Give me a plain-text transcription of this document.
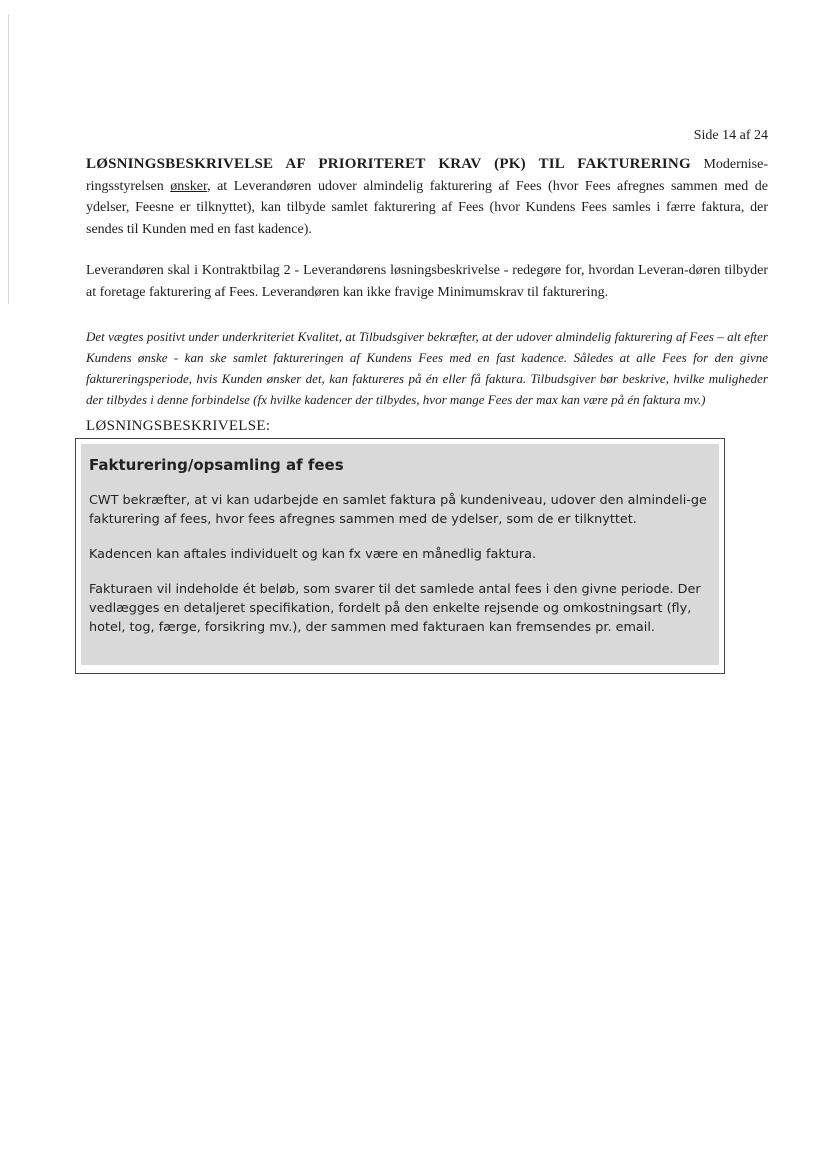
Side 14 af 24

LØSNINGSBESKRIVELSE AF PRIORITERET KRAV (PK) TIL FAKTURERING Modernise-ringsstyrelsen ønsker, at Leverandøren udover almindelig fakturering af Fees (hvor Fees afregnes sammen med de ydelser, Feesne er tilknyttet), kan tilbyde samlet fakturering af Fees (hvor Kundens Fees samles i færre faktura, der sendes til Kunden med en fast kadence).

Leverandøren skal i Kontraktbilag 2 - Leverandørens løsningsbeskrivelse - redegøre for, hvordan Leveran-døren tilbyder at foretage fakturering af Fees. Leverandøren kan ikke fravige Minimumskrav til fakturering.

Det vægtes positivt under underkriteriet Kvalitet, at Tilbudsgiver bekræfter, at der udover almindelig fakturering af Fees – alt efter Kundens ønske - kan ske samlet faktureringen af Kundens Fees med en fast kadence. Således at alle Fees for den givne faktureringsperiode, hvis Kunden ønsker det, kan faktureres på én eller få faktura. Tilbudsgiver bør beskrive, hvilke muligheder der tilbydes i denne forbindelse (fx hvilke kadencer der tilbydes, hvor mange Fees der max kan være på én faktura mv.)

LØSNINGSBESKRIVELSE:
Fakturering/opsamling af fees

CWT bekræfter, at vi kan udarbejde en samlet faktura på kundeniveau, udover den almindeli-ge fakturering af fees, hvor fees afregnes sammen med de ydelser, som de er tilknyttet.

Kadencen kan aftales individuelt og kan fx være en månedlig faktura.

Fakturaen vil indeholde ét beløb, som svarer til det samlede antal fees i den givne periode. Der vedlægges en detaljeret specifikation, fordelt på den enkelte rejsende og omkostningsart (fly, hotel, tog, færge, forsikring mv.), der sammen med fakturaen kan fremsendes pr. email.
